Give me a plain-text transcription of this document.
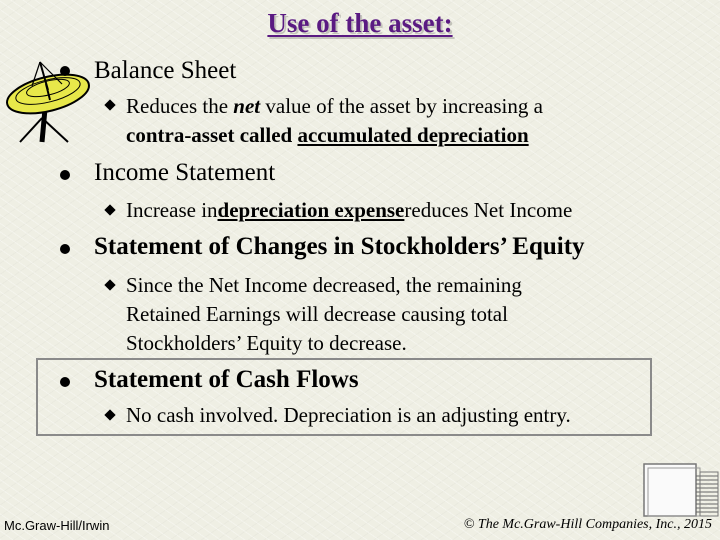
Use of the asset:
Balance Sheet
Reduces the net value of the asset by increasing a
contra-asset called accumulated depreciation
Income Statement
Increase in depreciation expense reduces Net Income
Statement of Changes in Stockholders’ Equity
Since the Net Income decreased, the remaining
Retained Earnings will decrease causing total
Stockholders’ Equity to decrease.
Statement of Cash Flows
No cash involved. Depreciation is an adjusting entry.
Mc.Graw-Hill/Irwin	© The Mc.Graw-Hill Companies, Inc., 2015
